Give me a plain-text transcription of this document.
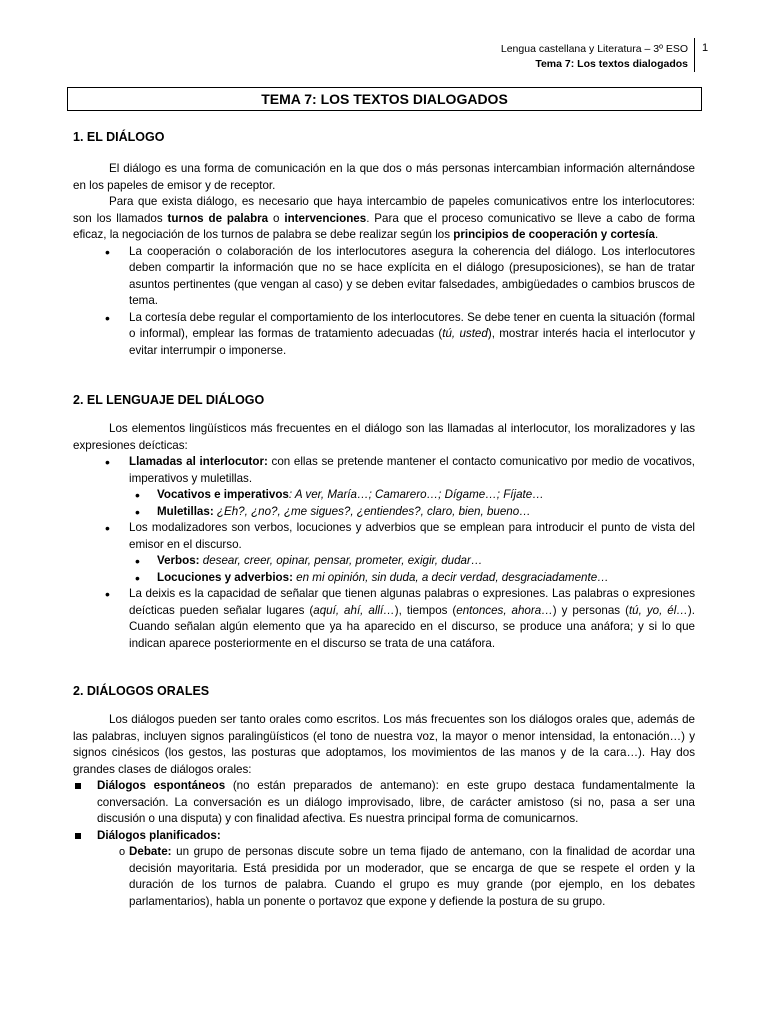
Lengua castellana y Literatura – 3º ESO
Tema 7: Los textos dialogados
1
TEMA 7: LOS TEXTOS DIALOGADOS
1. EL DIÁLOGO

El diálogo es una forma de comunicación en la que dos o más personas intercambian información alternándose en los papeles de emisor y de receptor.

Para que exista diálogo, es necesario que haya intercambio de papeles comunicativos entre los interlocutores: son los llamados turnos de palabra o intervenciones. Para que el proceso comunicativo se lleve a cabo de forma eficaz, la negociación de los turnos de palabra se debe realizar según los principios de cooperación y cortesía.

• La cooperación o colaboración de los interlocutores asegura la coherencia del diálogo. Los interlocutores deben compartir la información que no se hace explícita en el diálogo (presuposiciones), se han de tratar asuntos pertinentes (que vengan al caso) y se deben evitar falsedades, ambigüedades o cambios bruscos de tema.
• La cortesía debe regular el comportamiento de los interlocutores. Se debe tener en cuenta la situación (formal o informal), emplear las formas de tratamiento adecuadas (tú, usted), mostrar interés hacia el interlocutor y evitar interrumpir o imponerse.
2. EL LENGUAJE DEL DIÁLOGO

Los elementos lingüísticos más frecuentes en el diálogo son las llamadas al interlocutor, los moralizadores y las expresiones deícticas:

• Llamadas al interlocutor: con ellas se pretende mantener el contacto comunicativo por medio de vocativos, imperativos y muletillas.
• Vocativos e imperativos: A ver, María…; Camarero…; Dígame…; Fíjate…
• Muletillas: ¿Eh?, ¿no?, ¿me sigues?, ¿entiendes?, claro, bien, bueno…
• Los modalizadores son verbos, locuciones y adverbios que se emplean para introducir el punto de vista del emisor en el discurso.
• Verbos: desear, creer, opinar, pensar, prometer, exigir, dudar…
• Locuciones y adverbios: en mi opinión, sin duda, a decir verdad, desgraciadamente…
• La deixis es la capacidad de señalar que tienen algunas palabras o expresiones. Las palabras o expresiones deícticas pueden señalar lugares (aquí, ahí, allí…), tiempos (entonces, ahora…) y personas (tú, yo, él…). Cuando señalan algún elemento que ya ha aparecido en el discurso, se produce una anáfora; y si lo que indican aparece posteriormente en el discurso se trata de una catáfora.
2. DIÁLOGOS ORALES

Los diálogos pueden ser tanto orales como escritos. Los más frecuentes son los diálogos orales que, además de las palabras, incluyen signos paralingüísticos (el tono de nuestra voz, la mayor o menor intensidad, la entonación…) y signos cinésicos (los gestos, las posturas que adoptamos, los movimientos de las manos y de la cara…). Hay dos grandes clases de diálogos orales:

Diálogos espontáneos (no están preparados de antemano): en este grupo destaca fundamentalmente la conversación. La conversación es un diálogo improvisado, libre, de carácter amistoso (si no, pasa a ser una discusión o una disputa) y con finalidad afectiva. Es nuestra principal forma de comunicarnos.
Diálogos planificados:
o Debate: un grupo de personas discute sobre un tema fijado de antemano, con la finalidad de acordar una decisión mayoritaria. Está presidida por un moderador, que se encarga de que se respete el orden y la duración de los turnos de palabra. Cuando el grupo es muy grande (por ejemplo, en los debates parlamentarios), habla un ponente o portavoz que expone y defiende la postura de su grupo.
